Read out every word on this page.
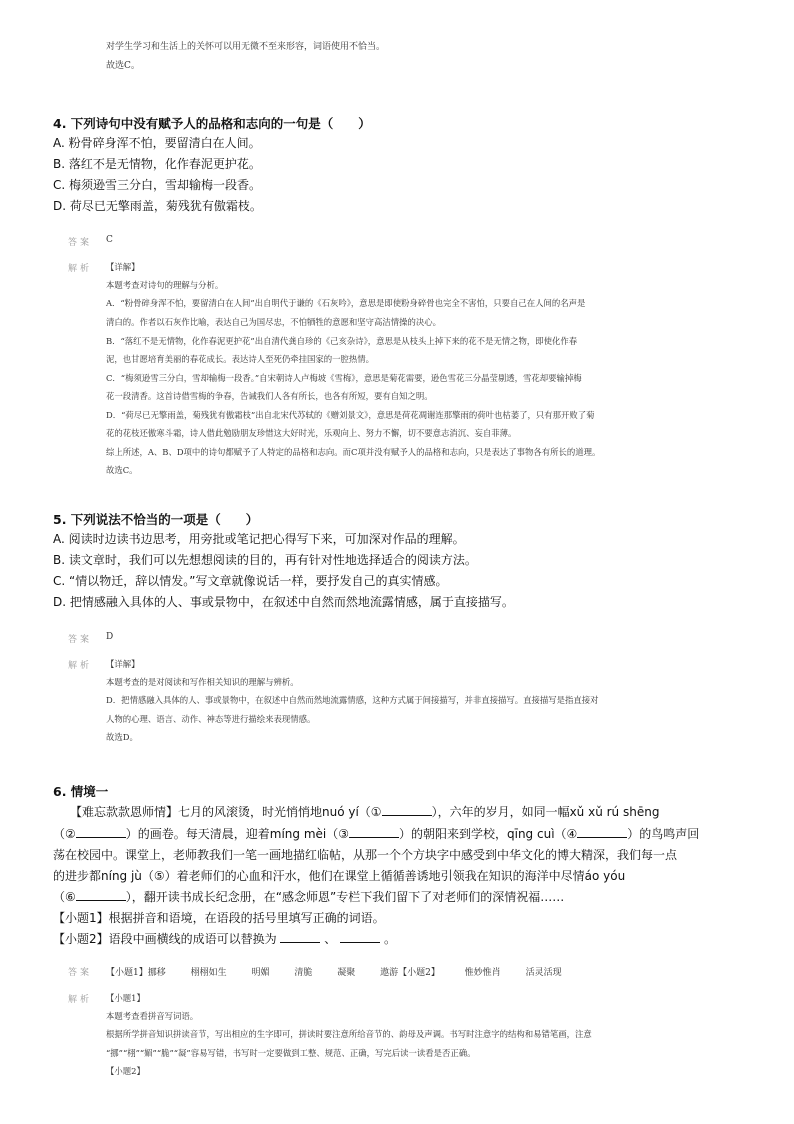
对学生学习和生活上的关怀可以用无微不至来形容，词语使用不恰当。
故选C。
4. 下列诗句中没有赋予人的品格和志向的一句是（　　）
A. 粉骨碎身浑不怕，要留清白在人间。
B. 落红不是无情物，化作春泥更护花。
C. 梅须逊雪三分白，雪却输梅一段香。
D. 荷尽已无擎雨盖，菊残犹有傲霜枝。
答案 C
解析 【详解】
本题考查对诗句的理解与分析。
A．“粉骨碎身浑不怕，要留清白在人间”出自明代于谦的《石灰吟》，意思是即使粉身碎骨也完全不害怕，只要自己在人间的名声是
清白的。作者以石灰作比喻，表达自己为国尽忠，不怕牺牲的意愿和坚守高洁情操的决心。
B．“落红不是无情物，化作春泥更护花”出自清代龚自珍的《己亥杂诗》，意思是从枝头上掉下来的花不是无情之物，即使化作春
泥，也甘愿培育美丽的春花成长。表达诗人至死仍牵挂国家的一腔热情。
C．“梅须逊雪三分白，雪却输梅一段香。”自宋朝诗人卢梅坡《雪梅》，意思是菊花需要，逊色雪花三分晶莹剔透，雪花却要输掉梅
花一段清香。这首诗借雪梅的争春，告诫我们人各有所长，也各有所短，要有自知之明。
D．“荷尽已无擎雨盖，菊残犹有傲霜枝”出自北宋代苏轼的《赠刘景文》，意思是荷花凋谢连那擎雨的荷叶也枯萎了，只有那开败了菊
花的花枝还傲寒斗霜，诗人借此勉励朋友珍惜这大好时光，乐观向上、努力不懈，切不要意志消沉、妄自菲薄。
综上所述，A、B、D项中的诗句都赋予了人特定的品格和志向。而C项并没有赋予人的品格和志向，只是表达了事物各有所长的道理。
故选C。
5. 下列说法不恰当的一项是（　　）
A. 阅读时边读书边思考，用旁批或笔记把心得写下来，可加深对作品的理解。
B. 读文章时，我们可以先想想阅读的目的，再有针对性地选择适合的阅读方法。
C. “情以物迁，辞以情发。”写文章就像说话一样，要抒发自己的真实情感。
D. 把情感融入具体的人、事或景物中，在叙述中自然而然地流露情感，属于直接描写。
答案 D
解析 【详解】
本题考查的是对阅读和写作相关知识的理解与辨析。
D．把情感融入具体的人、事或景物中，在叙述中自然而然地流露情感，这种方式属于间接描写，并非直接描写。直接描写是指直接对
人物的心理、语言、动作、神态等进行描绘来表现情感。
故选D。
6. 情境一
【难忘款款恩师情】七月的风滚烫，时光悄悄地nuó yí（①	），六年的岁月，如同一幅xǔ xǔ rú shēng
（②	）的画卷。每天清晨，迎着míng mèi（③	）的朝阳来到学校，qīng cuì（④	）的鸟鸣声回
荡在校园中。课堂上，老师教我们一笔一画地描红临帖，从那一个个方块字中感受到中华文化的博大精深，我们每一点
的进步都níng jù（⑤）着老师们的心血和汗水，他们在课堂上循循善诱地引领我在知识的海洋中尽情áo yóu
（⑥	），翻开读书成长纪念册，在“感念师恩”专栏下我们留下了对老师们的深情祝福……
【小题1】根据拼音和语境，在语段的括号里填写正确的词语。
【小题2】语段中画横线的成语可以替换为	、	。
答案 【小题1】挪移	栩栩如生	明媚	清脆	凝聚	遨游【小题2】	惟妙惟肖	活灵活现
解析 【小题1】
本题考查看拼音写词语。
根据所学拼音知识拼读音节，写出相应的生字即可，拼读时要注意所给音节的、韵母及声调。书写时注意字的结构和易错笔画，注意
“挪”“栩”“媚”“脆”“凝”容易写错，书写时一定要做到工整、规范、正确，写完后读一读看是否正确。
【小题2】
